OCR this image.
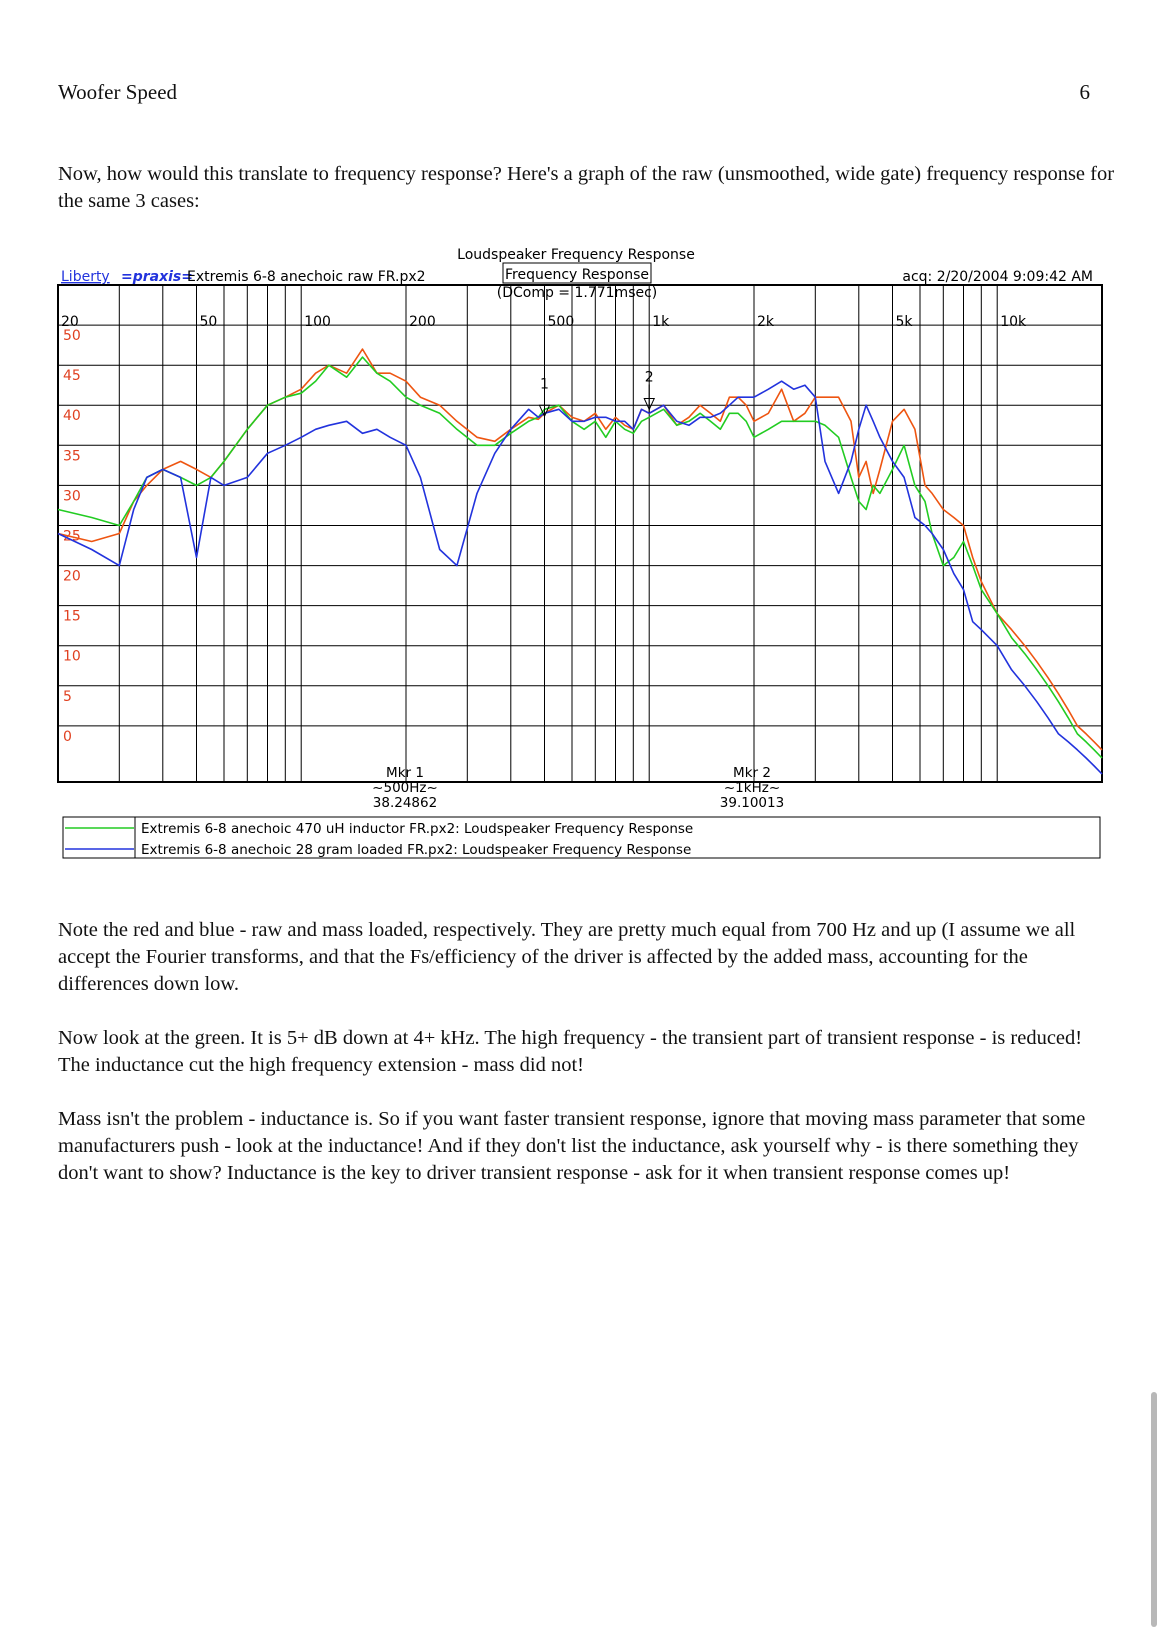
Woofer Speed	6

Now, how would this translate to frequency response? Here's a graph of the raw (unsmoothed, wide gate) frequency response for the same 3 cases:

Loudspeaker Frequency Response
Frequency Response
(DComp = 1.771msec)
Liberty =praxis=
Extremis 6-8 anechoic raw FR.px2	acq: 2/20/2004 9:09:42 AM
20	50	100	200	500	1k	2k	5k	10k
50
45
40
35
30
25
20
15
10
5
0
1	2
Mkr 1
~500Hz~
38.24862
Mkr 2
~1kHz~
39.10013
Extremis 6-8 anechoic 470 uH inductor FR.px2: Loudspeaker Frequency Response
Extremis 6-8 anechoic 28 gram loaded FR.px2: Loudspeaker Frequency Response

Note the red and blue - raw and mass loaded, respectively. They are pretty much equal from 700 Hz and up (I assume we all accept the Fourier transforms, and that the Fs/efficiency of the driver is affected by the added mass, accounting for the differences down low.

Now look at the green. It is 5+ dB down at 4+ kHz. The high frequency - the transient part of transient response - is reduced! The inductance cut the high frequency extension - mass did not!

Mass isn't the problem - inductance is. So if you want faster transient response, ignore that moving mass parameter that some manufacturers push - look at the inductance! And if they don't list the inductance, ask yourself why - is there something they don't want to show? Inductance is the key to driver transient response - ask for it when transient response comes up!
